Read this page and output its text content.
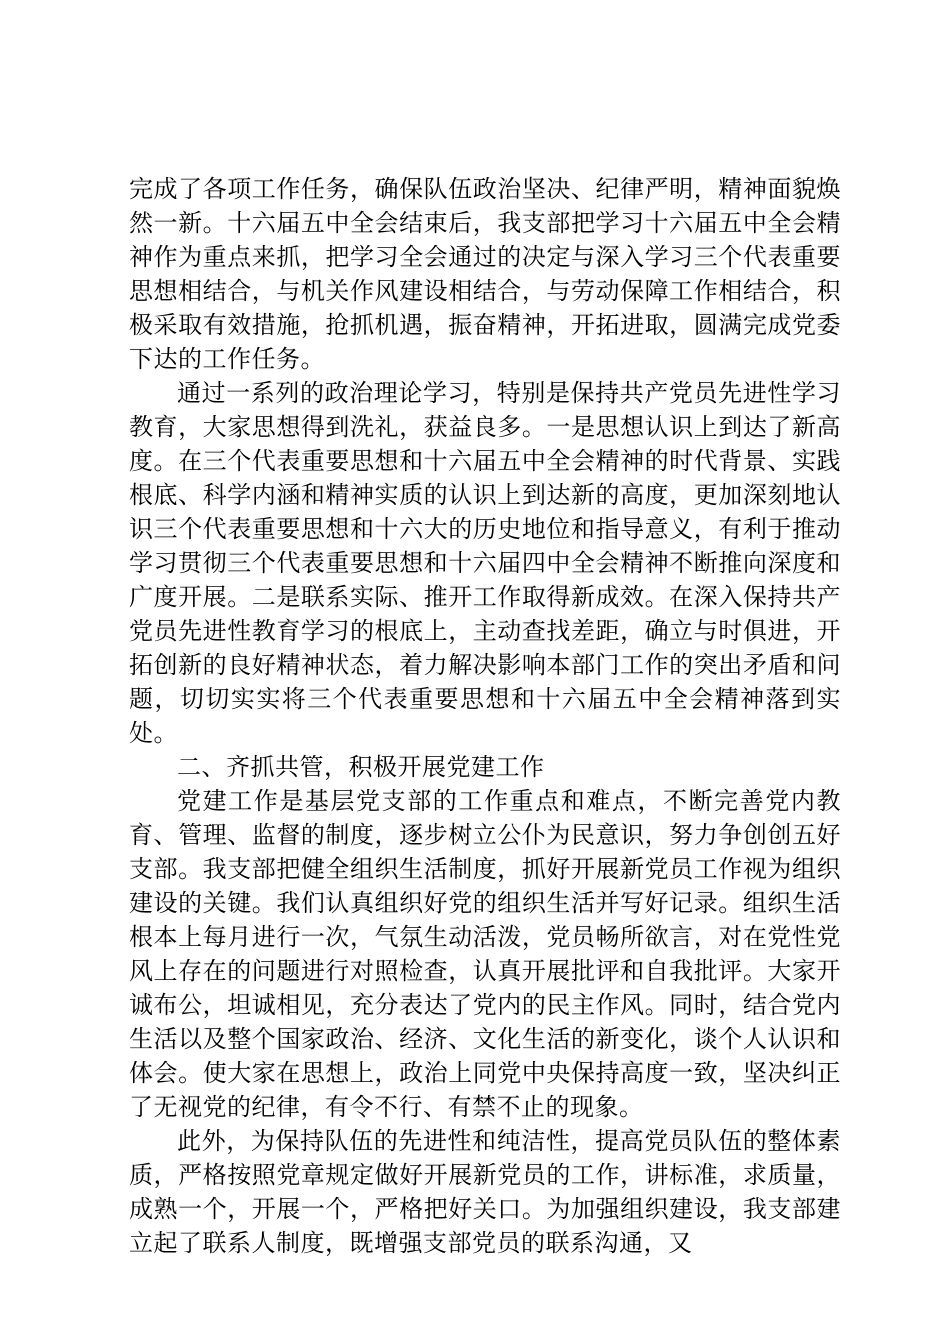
完成了各项工作任务，确保队伍政治坚决、纪律严明，精神面貌焕然一新。十六届五中全会结束后，我支部把学习十六届五中全会精神作为重点来抓，把学习全会通过的决定与深入学习三个代表重要思想相结合，与机关作风建设相结合，与劳动保障工作相结合，积极采取有效措施，抢抓机遇，振奋精神，开拓进取，圆满完成党委下达的工作任务。

通过一系列的政治理论学习，特别是保持共产党员先进性学习教育，大家思想得到洗礼，获益良多。一是思想认识上到达了新高度。在三个代表重要思想和十六届五中全会精神的时代背景、实践根底、科学内涵和精神实质的认识上到达新的高度，更加深刻地认识三个代表重要思想和十六大的历史地位和指导意义，有利于推动学习贯彻三个代表重要思想和十六届四中全会精神不断推向深度和广度开展。二是联系实际、推开工作取得新成效。在深入保持共产党员先进性教育学习的根底上，主动查找差距，确立与时俱进，开拓创新的良好精神状态，着力解决影响本部门工作的突出矛盾和问题，切切实实将三个代表重要思想和十六届五中全会精神落到实处。

二、齐抓共管，积极开展党建工作

党建工作是基层党支部的工作重点和难点，不断完善党内教育、管理、监督的制度，逐步树立公仆为民意识，努力争创创五好支部。我支部把健全组织生活制度，抓好开展新党员工作视为组织建设的关键。我们认真组织好党的组织生活并写好记录。组织生活根本上每月进行一次，气氛生动活泼，党员畅所欲言，对在党性党风上存在的问题进行对照检查，认真开展批评和自我批评。大家开诚布公，坦诚相见，充分表达了党内的民主作风。同时，结合党内生活以及整个国家政治、经济、文化生活的新变化，谈个人认识和体会。使大家在思想上，政治上同党中央保持高度一致，坚决纠正了无视党的纪律，有令不行、有禁不止的现象。

此外，为保持队伍的先进性和纯洁性，提高党员队伍的整体素质，严格按照党章规定做好开展新党员的工作，讲标准，求质量，成熟一个，开展一个，严格把好关口。为加强组织建设，我支部建立起了联系人制度，既增强支部党员的联系沟通，又
